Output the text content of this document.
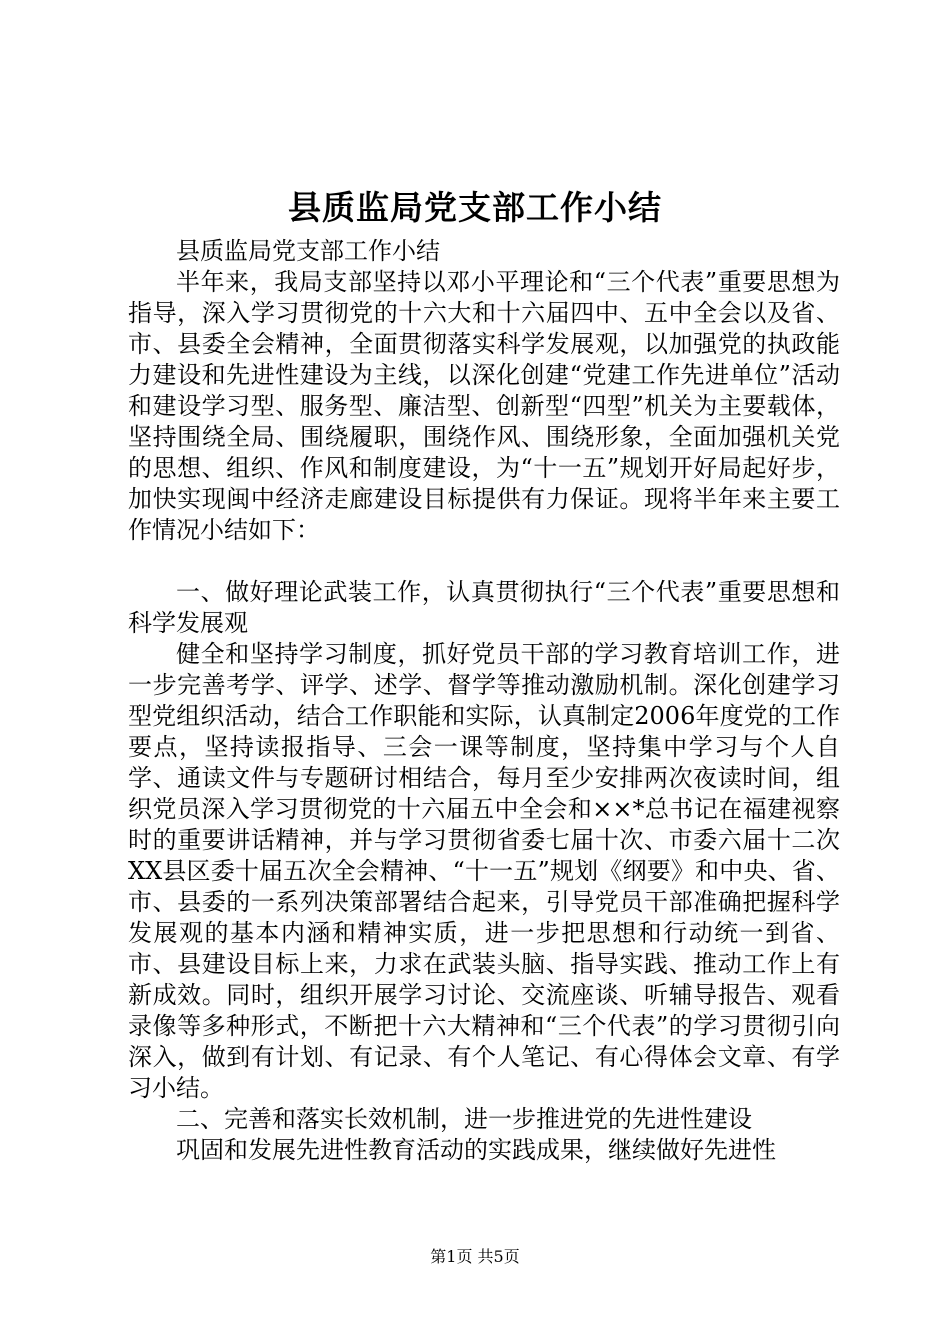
县质监局党支部工作小结

县质监局党支部工作小结

半年来，我局支部坚持以邓小平理论和“三个代表”重要思想为指导，深入学习贯彻党的十六大和十六届四中、五中全会以及省、市、县委全会精神，全面贯彻落实科学发展观，以加强党的执政能力建设和先进性建设为主线，以深化创建“党建工作先进单位”活动和建设学习型、服务型、廉洁型、创新型“四型”机关为主要载体，坚持围绕全局、围绕履职，围绕作风、围绕形象，全面加强机关党的思想、组织、作风和制度建设，为“十一五”规划开好局起好步，加快实现闽中经济走廊建设目标提供有力保证。现将半年来主要工作情况小结如下：

一、做好理论武装工作，认真贯彻执行“三个代表”重要思想和科学发展观

健全和坚持学习制度，抓好党员干部的学习教育培训工作，进一步完善考学、评学、述学、督学等推动激励机制。深化创建学习型党组织活动，结合工作职能和实际，认真制定2006年度党的工作要点，坚持读报指导、三会一课等制度，坚持集中学习与个人自学、通读文件与专题研讨相结合，每月至少安排两次夜读时间，组织党员深入学习贯彻党的十六届五中全会和××*总书记在福建视察时的重要讲话精神，并与学习贯彻省委七届十次、市委六届十二次XX县区委十届五次全会精神、“十一五”规划《纲要》和中央、省、市、县委的一系列决策部署结合起来，引导党员干部准确把握科学发展观的基本内涵和精神实质，进一步把思想和行动统一到省、市、县建设目标上来，力求在武装头脑、指导实践、推动工作上有新成效。同时，组织开展学习讨论、交流座谈、听辅导报告、观看录像等多种形式，不断把十六大精神和“三个代表”的学习贯彻引向深入，做到有计划、有记录、有个人笔记、有心得体会文章、有学习小结。

二、完善和落实长效机制，进一步推进党的先进性建设

巩固和发展先进性教育活动的实践成果，继续做好先进性

第1页 共5页
